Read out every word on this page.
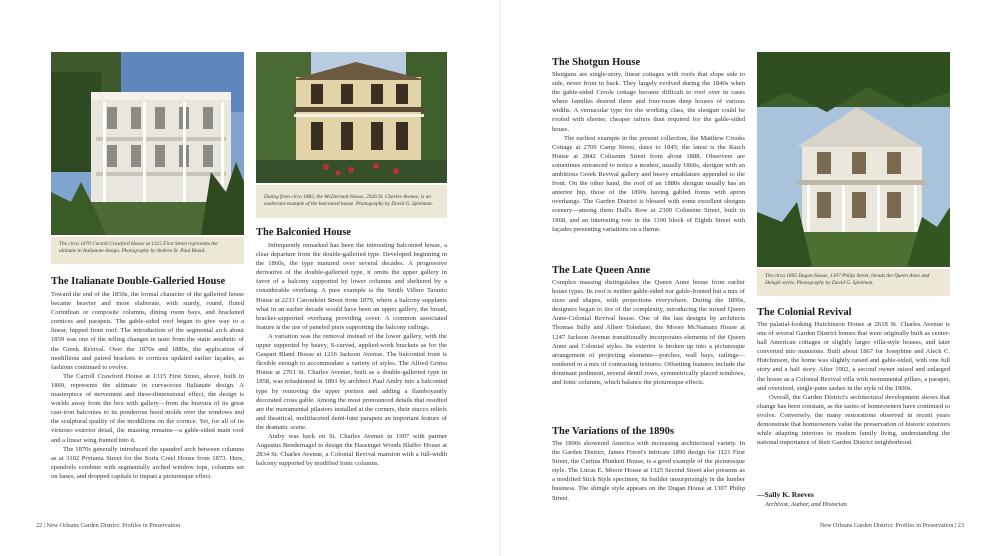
The circa 1870 Carroll Crawford House at 1315 First Street represents the ultimate in Italianate design. Photography by Andrea St. Paul Bland.
Dating from circa 1882, the McDermott House, 2926 St. Charles Avenue, is an exuberant example of the balconied house. Photography by David G. Spielman.
The Italianate Double-Galleried House

Toward the end of the 1850s, the formal character of the galleried house became heavier and more elaborate, with sturdy, round, fluted Corinthian or composite columns, dining room bays, and bracketed cornices and parapets. The gable-sided roof began to give way to a linear, hipped front roof. The introduction of the segmental arch about 1859 was one of the telling changes in taste from the static aesthetic of the Greek Revival. Over the 1870s and 1880s, the application of modillions and paired brackets to cornices updated earlier façades, as fashions continued to evolve.

The Carroll Crawford House at 1315 First Street, above, built in 1869, represents the ultimate in curvaceous Italianate design. A masterpiece of movement and three-dimensional effect, the design is worlds away from the box with gallery—from the bravura of its great cast-iron balconies to its ponderous hood molds over the windows and the sculptural quality of the modillions on the cornice. Yet, for all of its virtuoso exterior detail, the massing remains—a gable-sided main roof and a linear wing framed into it.

The 1870s generally introduced the spandrel arch between columns as at 3102 Prytania Street for the Soria Creel House from 1873. Here, spandrels combine with segmentally arched window tops, columns set on bases, and dropped capitals to impart a picturesque effect.

The Balconied House

Infrequently remarked has been the interesting balconied house, a clear departure from the double-galleried type. Developed beginning in the 1860s, the type matured over several decades. A progressive derivative of the double-galleried type, it omits the upper gallery in favor of a balcony supported by lower columns and sheltered by a considerable overhang. A pure example is the Smith Villere Taranto House at 2233 Carondelet Street from 1879, where a balcony supplants what in an earlier decade would have been an upper gallery, the broad, bracket-supported overhang providing cover. A common associated feature is the use of paneled piers supporting the balcony railings.

A variation was the removal instead of the lower gallery, with the upper supported by heavy, S-curved, applied-work brackets as for the Gaspart Bland House at 1216 Jackson Avenue. The balconied front is flexible enough to accommodate a variety of styles. The Alfred Grima House at 2701 St. Charles Avenue, built as a double-galleried type in 1858, was refashioned in 1891 by architect Paul Andry into a balconied type by removing the upper portion and adding a flamboyantly decorated cross gable. Among the most pronounced details that resulted are the monumental pilasters installed at the corners, their stucco reliefs and theatrical, multifaceted demi-lune parapets an important feature of the dramatic scene.

Andry was back on St. Charles Avenue in 1907 with partner Augustus Bendernagel to design the Hassinger Woods Blaffer House at 2834 St. Charles Avenue, a Colonial Revival mansion with a full-width balcony supported by modified Ionic columns.

22 | New Orleans Garden District: Profiles in Preservation
The Shotgun House

Shotguns are single-story, linear cottages with roofs that slope side to side, never front to back. They largely evolved during the 1840s when the gable-sided Creole cottage became difficult to roof over in cases where families desired three and four-room deep houses of various widths. A vernacular type for the working class, the shotgun could be roofed with shorter, cheaper rafters than required for the gable-sided house.

The earliest example in the present collection, the Matthew Crooks Cottage at 2709 Camp Street, dates to 1845; the latest is the Rasch House at 2842 Coliseum Street from about 1888. Observers are sometimes entranced to notice a modest, usually 1860s, shotgun with an ambitious Greek Revival gallery and heavy entablature appended to the front. On the other hand, the roof of an 1880s shotgun usually has an anterior hip, those of the 1890s having gabled fronts with apron overhangs. The Garden District is blessed with some excellent shotgun scenery—among them Hall's Row at 2300 Coliseum Street, built in 1868, and an interesting row in the 1100 block of Eighth Street with façades presenting variations on a theme.

The Late Queen Anne

Complex massing distinguishes the Queen Anne house from earlier house types. Its roof is neither gable-sided nor gable-fronted but a mix of sizes and shapes, with projections everywhere. During the 1890s, designers began to tire of the complexity, introducing the mixed Queen Anne-Colonial Revival house. One of the last designs by architects Thomas Sully and Albert Toledano, the Moore McNamara House at 1247 Jackson Avenue transitionally incorporates elements of the Queen Anne and Colonial styles. Its exterior is broken up into a picturesque arrangement of projecting elements—porches, wall bays, railings—rendered in a mix of contrasting textures. Offsetting features include the dominant pediment, several dentil rows, symmetrically placed windows, and Ionic columns, which balance the picturesque effects.

The Variations of the 1890s

The 1890s showered America with increasing architectural variety. In the Garden District, James Freret's intricate 1890 design for 1121 First Street, the Curtius Plunkett House, is a good example of the picturesque style. The Lucas E. Moore House at 1325 Second Street also presents as a modified Stick Style specimen, its builder unsurprisingly in the lumber business. The shingle style appears on the Dugan House at 1307 Philip Street.

The circa 1895 Dugan House, 1307 Philip Street, blends the Queen Anne and Shingle styles. Photography by David G. Spielman.
The Colonial Revival

The palatial-looking Hutchinson House at 2618 St. Charles Avenue is one of several Garden District homes that were originally built as center-hall American cottages or slightly larger villa-style houses, and later converted into mansions. Built about 1867 for Josephine and Aleck C. Hutchinson, the home was slightly raised and gable-sided, with one full story and a half story. After 1902, a second owner raised and enlarged the house as a Colonial Revival villa with monumental pillars, a parapet, and oversized, single-pane sashes in the style of the 1900s.

Overall, the Garden District's architectural development shows that change has been constant, as the tastes of homeowners have continued to evolve. Conversely, the many restorations observed in recent years demonstrate that homeowners value the preservation of historic exteriors while adapting interiors to modern family living, understanding the national importance of their Garden District neighborhood.

—Sally K. Reeves
Archivist, Author, and Historian
New Orleans Garden District: Profiles in Preservation | 23
